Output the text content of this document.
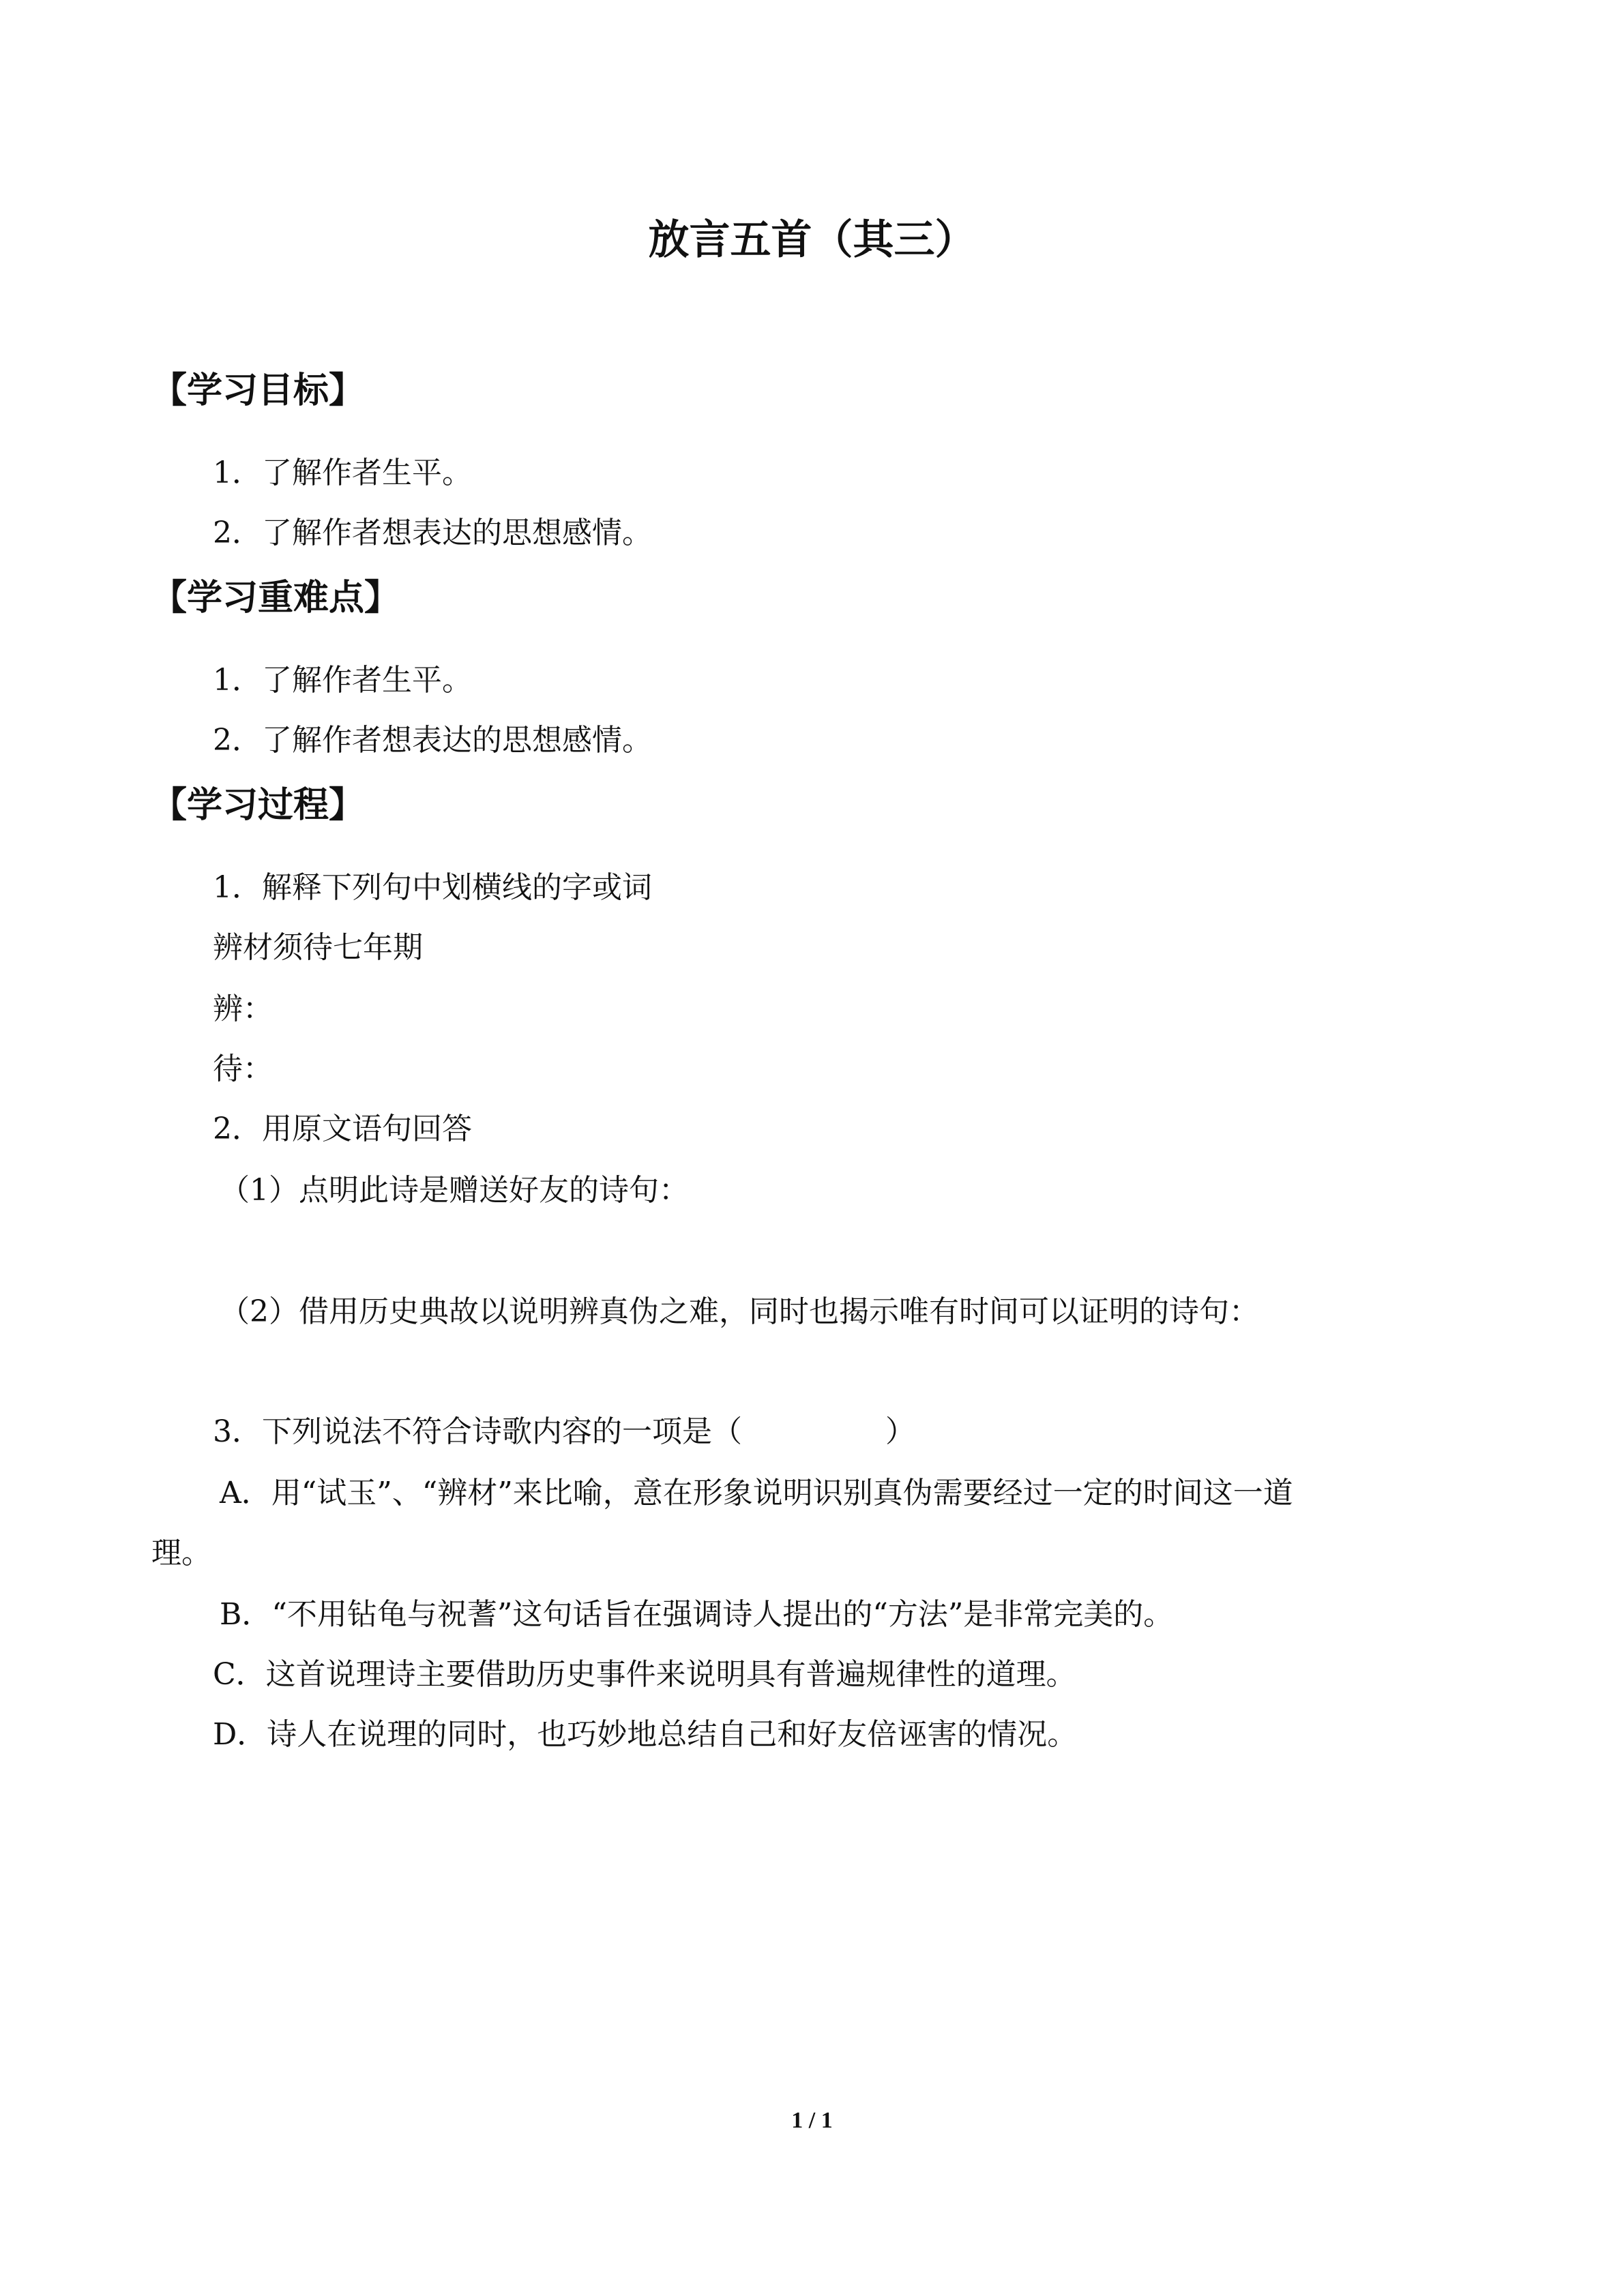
放言五首（其三）
【学习目标】
1．了解作者生平。
2．了解作者想表达的思想感情。
【学习重难点】
1．了解作者生平。
2．了解作者想表达的思想感情。
【学习过程】
1．解释下列句中划横线的字或词
辨材须待七年期
辨：
待：
2．用原文语句回答
（1）点明此诗是赠送好友的诗句：
（2）借用历史典故以说明辨真伪之难，同时也揭示唯有时间可以证明的诗句：
3．下列说法不符合诗歌内容的一项是（	）
A．用“试玉”、“辨材”来比喻，意在形象说明识别真伪需要经过一定的时间这一道
理。
B．“不用钻龟与祝蓍”这句话旨在强调诗人提出的“方法”是非常完美的。
C．这首说理诗主要借助历史事件来说明具有普遍规律性的道理。
D．诗人在说理的同时，也巧妙地总结自己和好友倍诬害的情况。
1 / 1
